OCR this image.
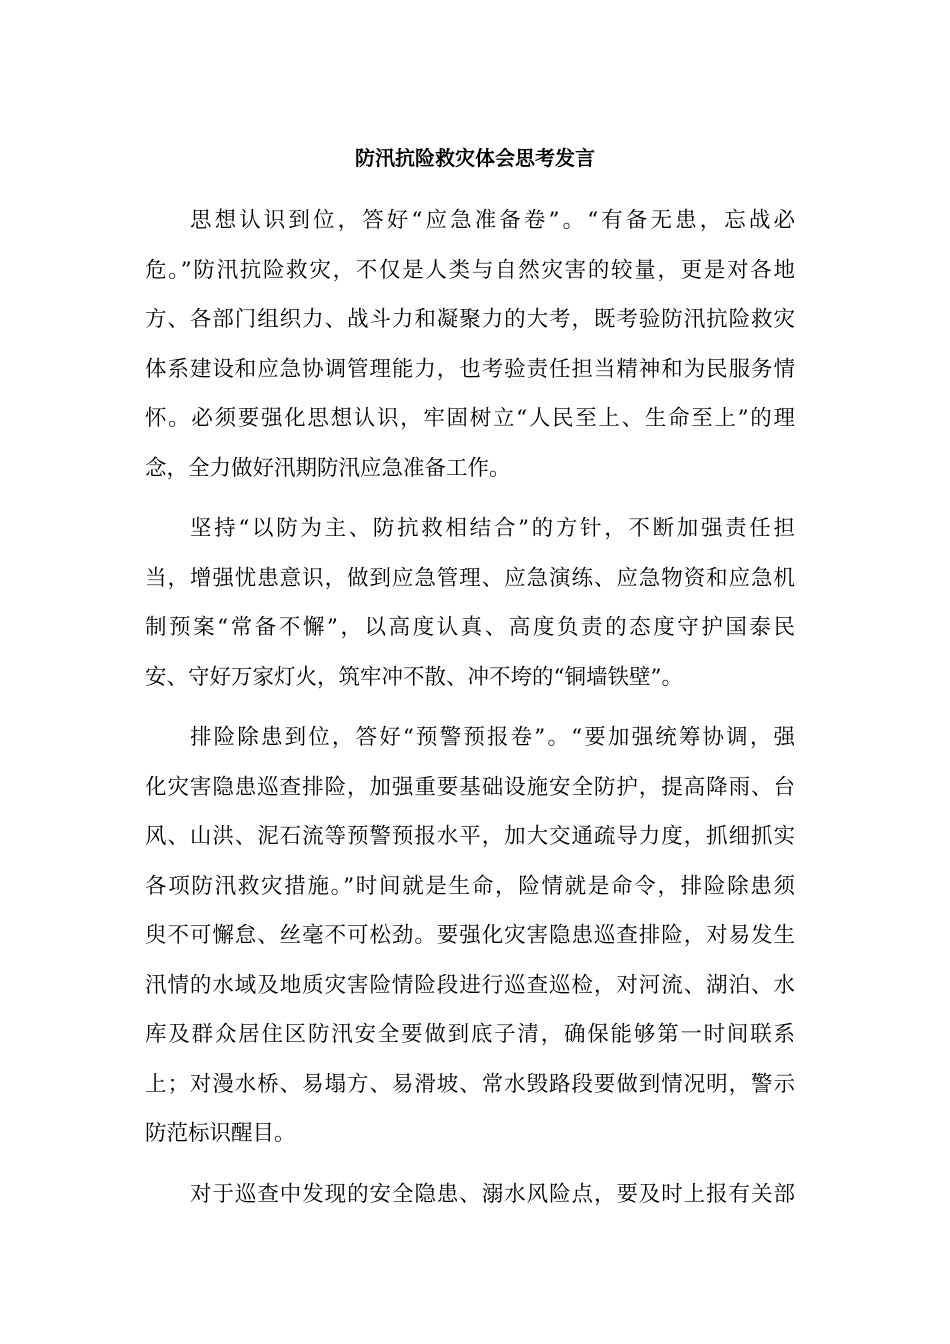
防汛抗险救灾体会思考发言

思想认识到位，答好“应急准备卷”。“有备无患，忘战必
危。”防汛抗险救灾，不仅是人类与自然灾害的较量，更是对各地
方、各部门组织力、战斗力和凝聚力的大考，既考验防汛抗险救灾
体系建设和应急协调管理能力，也考验责任担当精神和为民服务情
怀。必须要强化思想认识，牢固树立“人民至上、生命至上”的理
念，全力做好汛期防汛应急准备工作。

坚持“以防为主、防抗救相结合”的方针，不断加强责任担
当，增强忧患意识，做到应急管理、应急演练、应急物资和应急机
制预案“常备不懈”，以高度认真、高度负责的态度守护国泰民
安、守好万家灯火，筑牢冲不散、冲不垮的“铜墙铁壁”。

排险除患到位，答好“预警预报卷”。“要加强统筹协调，强
化灾害隐患巡查排险，加强重要基础设施安全防护，提高降雨、台
风、山洪、泥石流等预警预报水平，加大交通疏导力度，抓细抓实
各项防汛救灾措施。”时间就是生命，险情就是命令，排险除患须
臾不可懈怠、丝毫不可松劲。要强化灾害隐患巡查排险，对易发生
汛情的水域及地质灾害险情险段进行巡查巡检，对河流、湖泊、水
库及群众居住区防汛安全要做到底子清，确保能够第一时间联系
上；对漫水桥、易塌方、易滑坡、常水毁路段要做到情况明，警示
防范标识醒目。

对于巡查中发现的安全隐患、溺水风险点，要及时上报有关部
